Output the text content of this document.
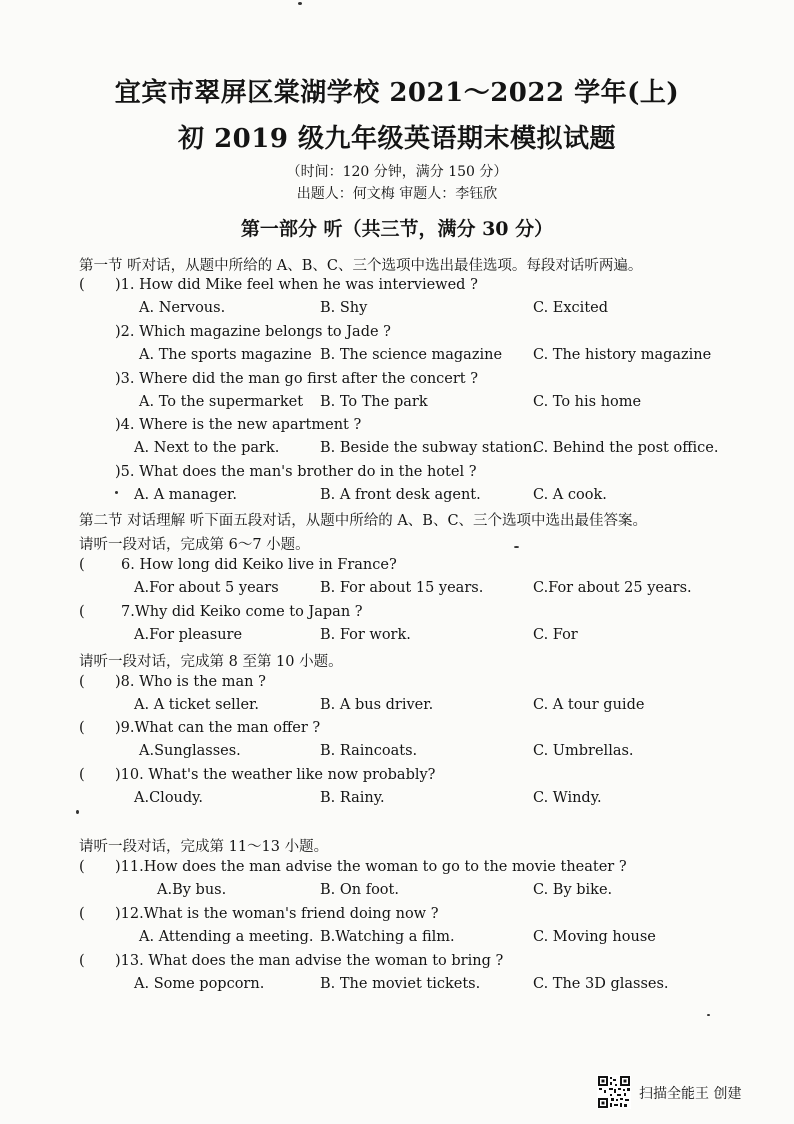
宜宾市翠屏区棠湖学校 2021～2022 学年(上)
初 2019 级九年级英语期末模拟试题
（时间：120 分钟，满分 150 分）
出题人：何文梅 审题人：李钰欣
第一部分 听（共三节，满分 30 分）
第一节 听对话，从题中所给的 A、B、C、三个选项中选出最佳选项。每段对话听两遍。
( )1. How did Mike feel when he was interviewed ?
A. Nervous.	B. Shy	C. Excited
)2. Which magazine belongs to Jade ?
A. The sports magazine B. The science magazine C. The history magazine
)3. Where did the man go first after the concert ?
A. To the supermarket B. To The park	C. To his home
)4. Where is the new apartment ?
A. Next to the park.	B. Beside the subway station.
C. Behind the post office.
)5. What does the man's brother do in the hotel ?
A. A manager.	B. A front desk agent.	C. A cook.
第二节 对话理解 听下面五段对话，从题中所给的 A、B、C、三个选项中选出最佳答案。
请听一段对话，完成第 6～7 小题。
(	6. How long did Keiko live in France?
A.For about 5 years	B. For about 15 years.	C.For about 25 years.
(	7.Why did Keiko come to Japan ?
A.For pleasure	B. For work.	C. For
请听一段对话，完成第 8 至第 10 小题。
( )8. Who is the man ?
A. A ticket seller.	B. A bus driver.	C. A tour guide
( )9.What can the man offer ?
A.Sunglasses.	B. Raincoats.	C. Umbrellas.
( )10. What's the weather like now probably?
A.Cloudy.	B. Rainy.	C. Windy.
请听一段对话，完成第 11～13 小题。
( )11.How does the man advise the woman to go to the movie theater ?
A.By bus.	B. On foot.	C. By bike.
( )12.What is the woman's friend doing now ?
A. Attending a meeting. B.Watching a film.	C. Moving house
( )13. What does the man advise the woman to bring ?
A. Some popcorn.	B. The moviet tickets.	C. The 3D glasses.
扫描全能王 创建
